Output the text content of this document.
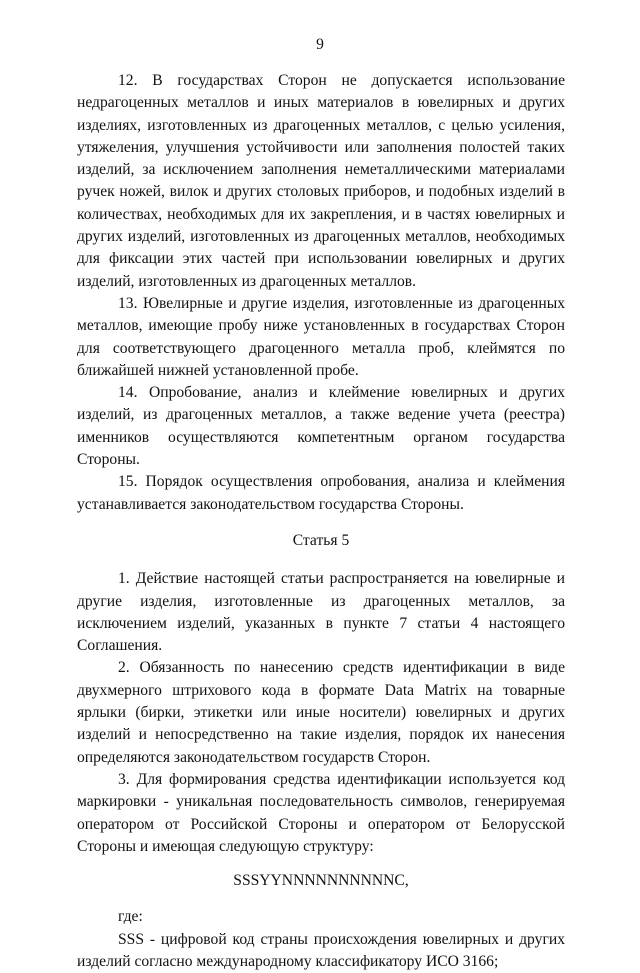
9

12. В государствах Сторон не допускается использование недрагоценных металлов и иных материалов в ювелирных и других изделиях, изготовленных из драгоценных металлов, с целью усиления, утяжеления, улучшения устойчивости или заполнения полостей таких изделий, за исключением заполнения неметаллическими материалами ручек ножей, вилок и других столовых приборов, и подобных изделий в количествах, необходимых для их закрепления, и в частях ювелирных и других изделий, изготовленных из драгоценных металлов, необходимых для фиксации этих частей при использовании ювелирных и других изделий, изготовленных из драгоценных металлов.

13. Ювелирные и другие изделия, изготовленные из драгоценных металлов, имеющие пробу ниже установленных в государствах Сторон для соответствующего драгоценного металла проб, клеймятся по ближайшей нижней установленной пробе.

14. Опробование, анализ и клеймение ювелирных и других изделий, из драгоценных металлов, а также ведение учета (реестра) именников осуществляются компетентным органом государства Стороны.

15. Порядок осуществления опробования, анализа и клеймения устанавливается законодательством государства Стороны.

Статья 5

1. Действие настоящей статьи распространяется на ювелирные и другие изделия, изготовленные из драгоценных металлов, за исключением изделий, указанных в пункте 7 статьи 4 настоящего Соглашения.

2. Обязанность по нанесению средств идентификации в виде двухмерного штрихового кода в формате Data Matrix на товарные ярлыки (бирки, этикетки или иные носители) ювелирных и других изделий и непосредственно на такие изделия, порядок их нанесения определяются законодательством государств Сторон.

3. Для формирования средства идентификации используется код маркировки - уникальная последовательность символов, генерируемая оператором от Российской Стороны и оператором от Белорусской Стороны и имеющая следующую структуру:

SSSYYNNNNNNNNNNC,

где:

SSS - цифровой код страны происхождения ювелирных и других изделий согласно международному классификатору ИСО 3166;
